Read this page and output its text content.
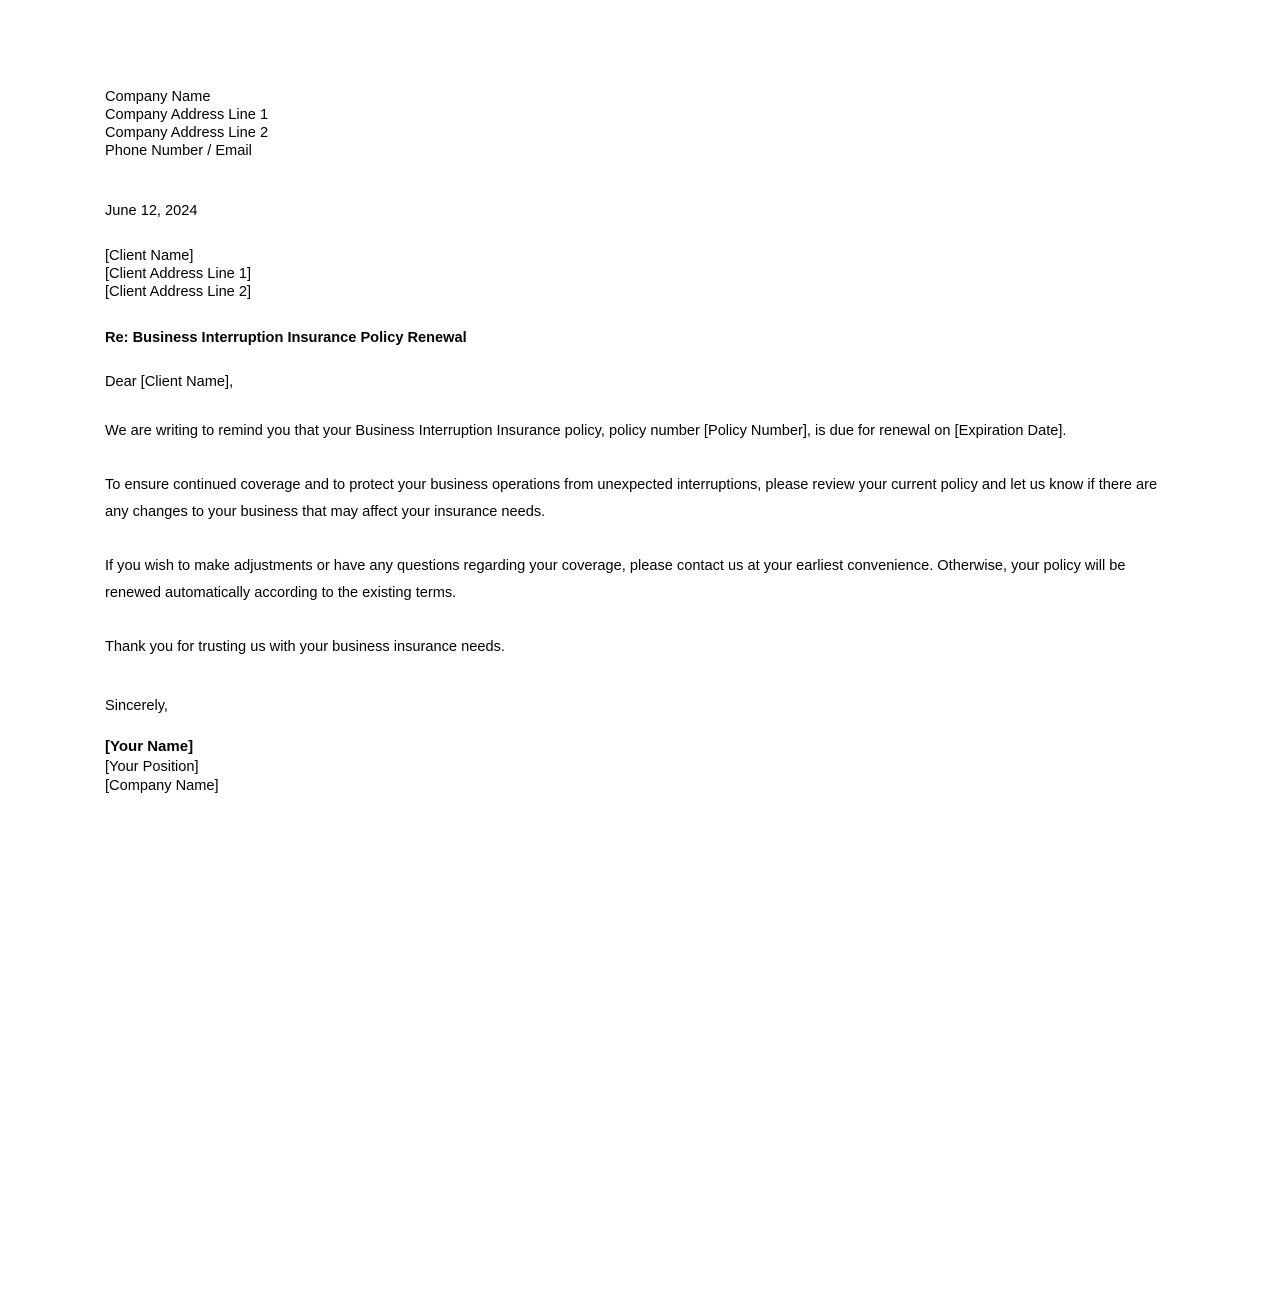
Company Name
Company Address Line 1
Company Address Line 2
Phone Number / Email
June 12, 2024
[Client Name]
[Client Address Line 1]
[Client Address Line 2]
Re: Business Interruption Insurance Policy Renewal
Dear [Client Name],

We are writing to remind you that your Business Interruption Insurance policy, policy number [Policy Number], is due for renewal on [Expiration Date].

To ensure continued coverage and to protect your business operations from unexpected interruptions, please review your current policy and let us know if there are any changes to your business that may affect your insurance needs.

If you wish to make adjustments or have any questions regarding your coverage, please contact us at your earliest convenience. Otherwise, your policy will be renewed automatically according to the existing terms.

Thank you for trusting us with your business insurance needs.

Sincerely,
[Your Name]
[Your Position]
[Company Name]
